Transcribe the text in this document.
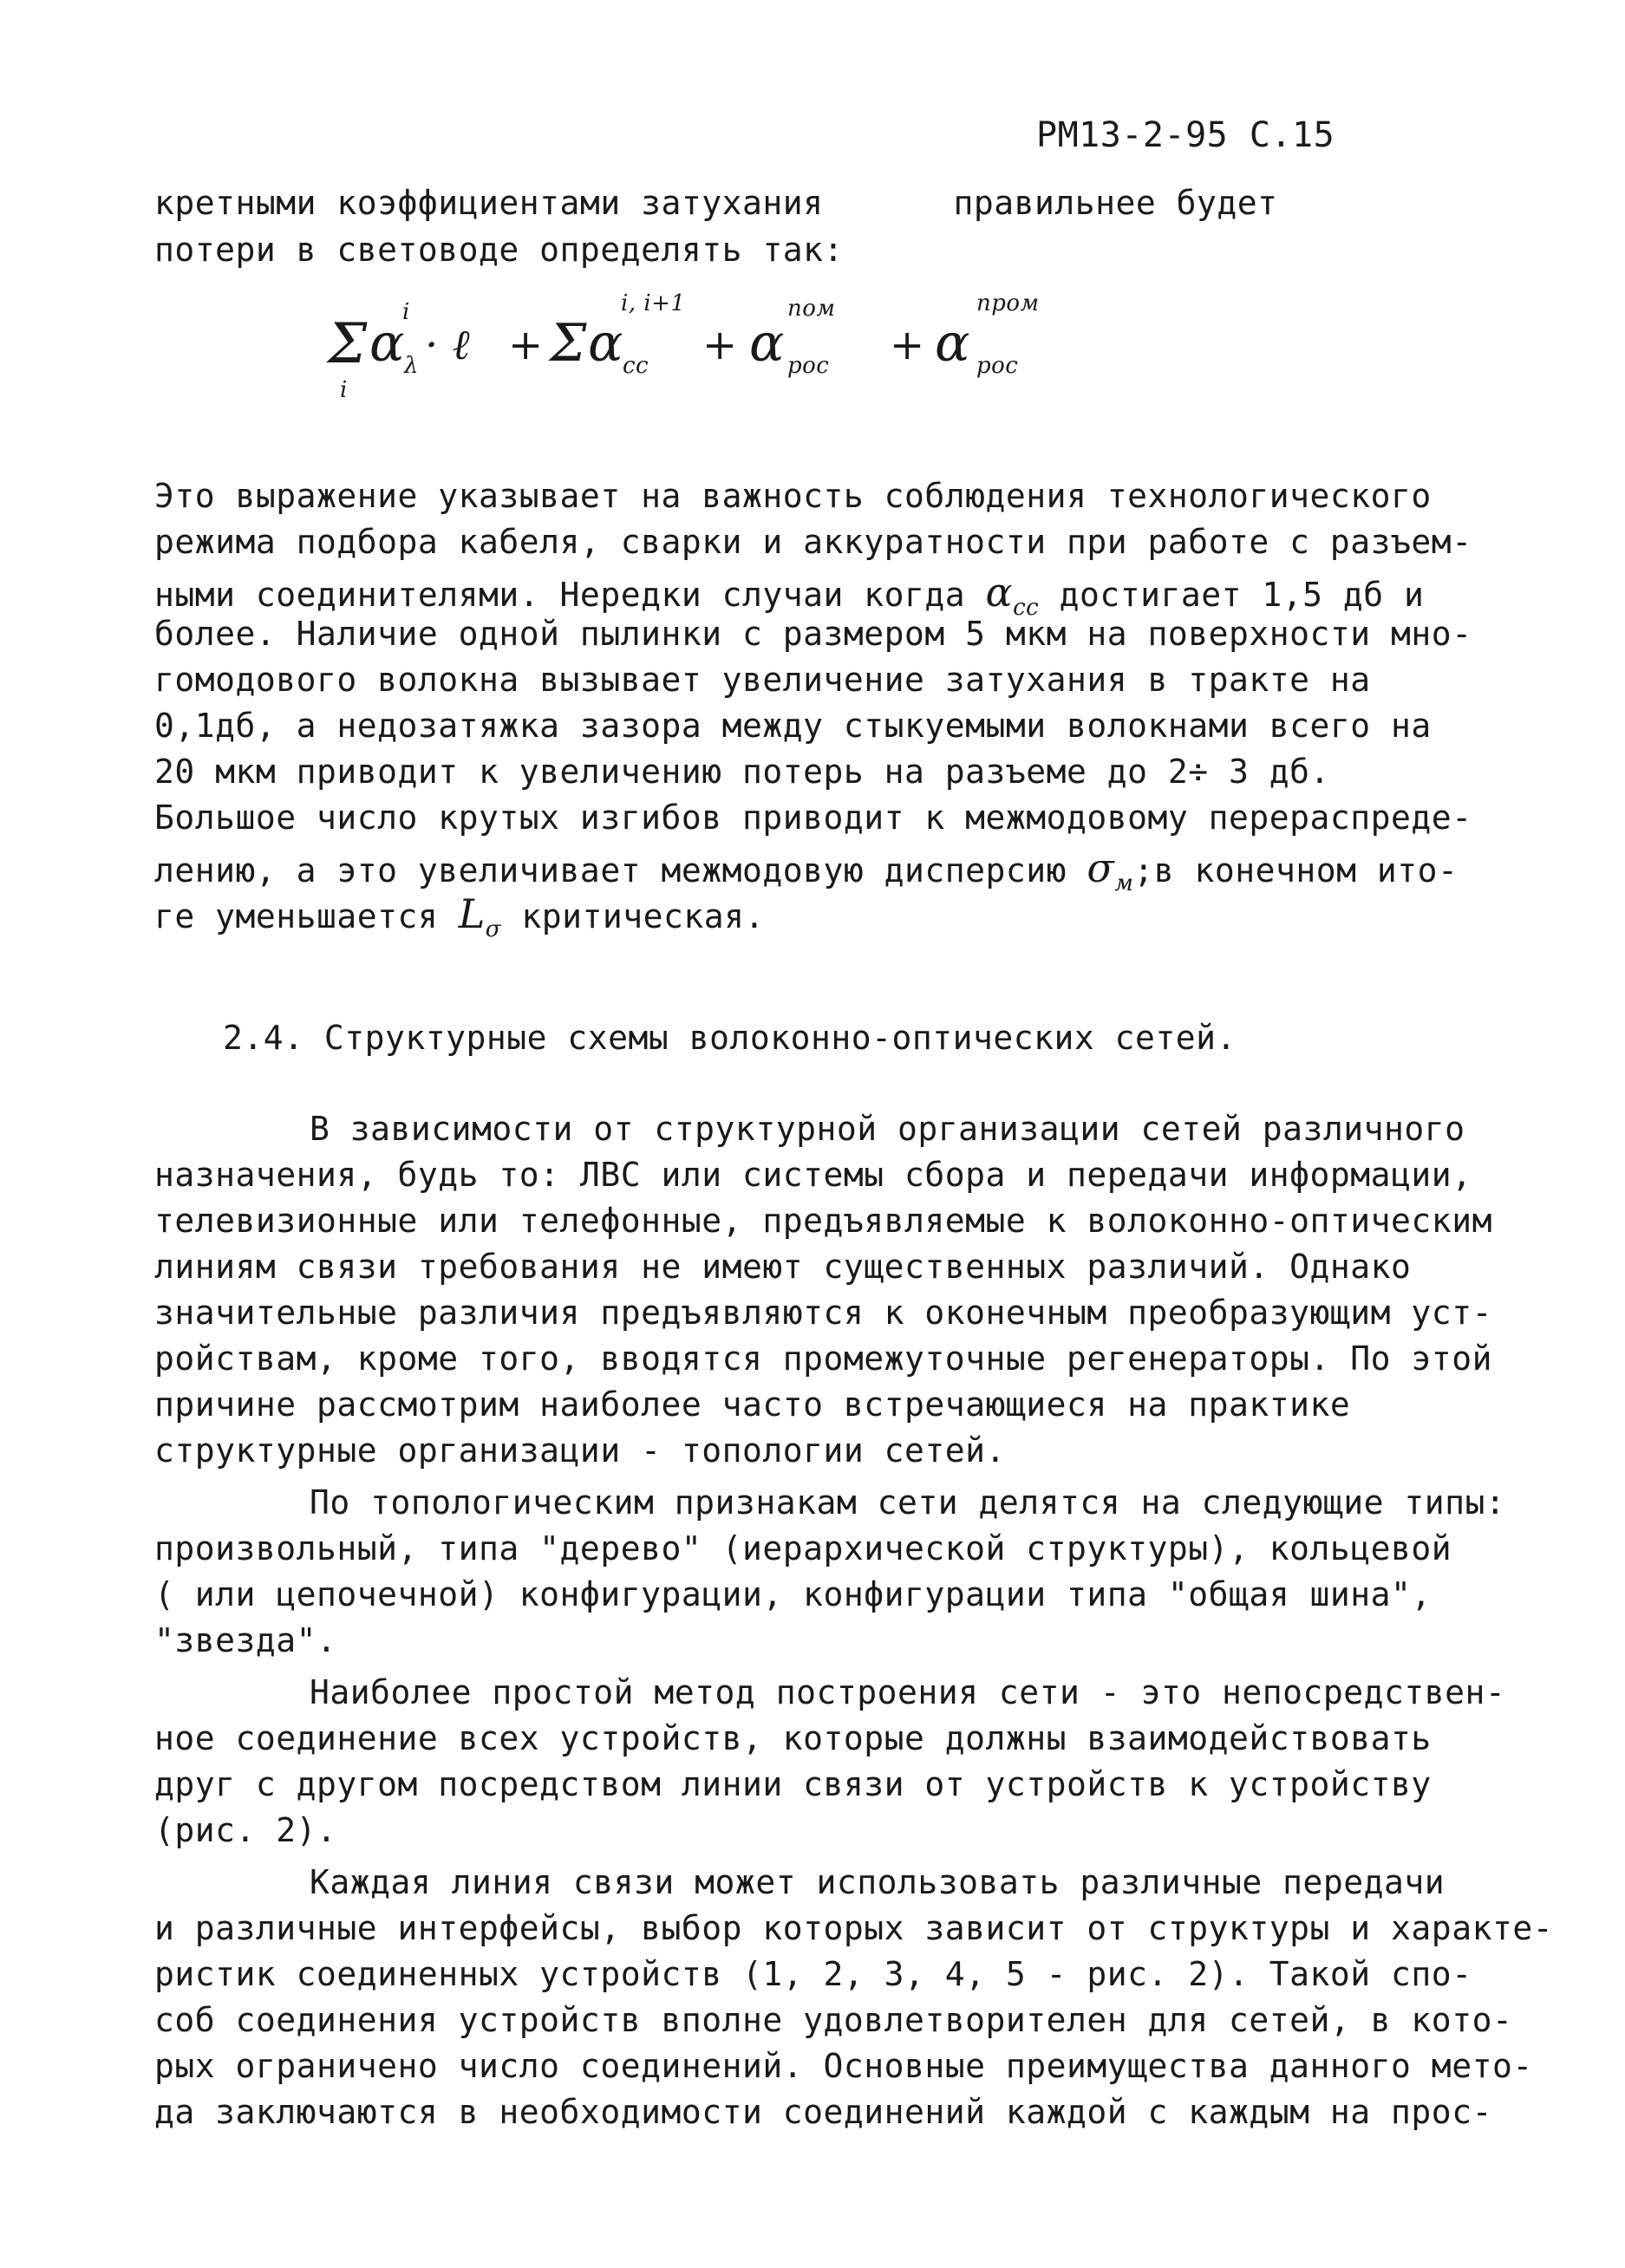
РМ13-2-95 С.15
кретными коэффициентами затухания	правильнее будет
потери в световоде определять так:
Σ
i
α
i
λ · ℓ + Σ α
i, i+1
cc + α
пом
рос + α
пром
рос
Это выражение указывает на важность соблюдения технологического
режима подбора кабеля, сварки и аккуратности при работе с разъем-
ными соединителями. Нередки случаи когда $\alpha_{cc}$ достигает 1,5 дб и
более. Наличие одной пылинки с размером 5 мкм на поверхности мно-
гомодового волокна вызывает увеличение затухания в тракте на
0,1дб, а недозатяжка зазора между стыкуемыми волокнами всего на
20 мкм приводит к увеличению потерь на разъеме до 2÷ 3 дб.
Большое число крутых изгибов приводит к межмодовому перераспреде-
лению, а это увеличивает межмодовую дисперсию $\sigma_м;в$ конечном ито-
ге уменьшается $L_\sigma$ критическая.
2.4. Структурные схемы волоконно-оптических сетей.
В зависимости от структурной организации сетей различного
назначения, будь то: ЛВС или системы сбора и передачи информации,
телевизионные или телефонные, предъявляемые к волоконно-оптическим
линиям связи требования не имеют существенных различий. Однако
значительные различия предъявляются к оконечным преобразующим уст-
ройствам, кроме того, вводятся промежуточные регенераторы. По этой
причине рассмотрим наиболее часто встречающиеся на практике
структурные организации - топологии сетей.
По топологическим признакам сети делятся на следующие типы:
произвольный, типа "дерево" (иерархической структуры), кольцевой
( или цепочечной) конфигурации, конфигурации типа "общая шина",
"звезда".
Наиболее простой метод построения сети - это непосредствен-
ное соединение всех устройств, которые должны взаимодействовать
друг с другом посредством линии связи от устройств к устройству
(рис. 2).
Каждая линия связи может использовать различные передачи
и различные интерфейсы, выбор которых зависит от структуры и характе-
ристик соединенных устройств (1, 2, 3, 4, 5 - рис. 2). Такой спо-
соб соединения устройств вполне удовлетворителен для сетей, в кото-
рых ограничено число соединений. Основные преимущества данного мето-
да заключаются в необходимости соединений каждой с каждым на прос-
